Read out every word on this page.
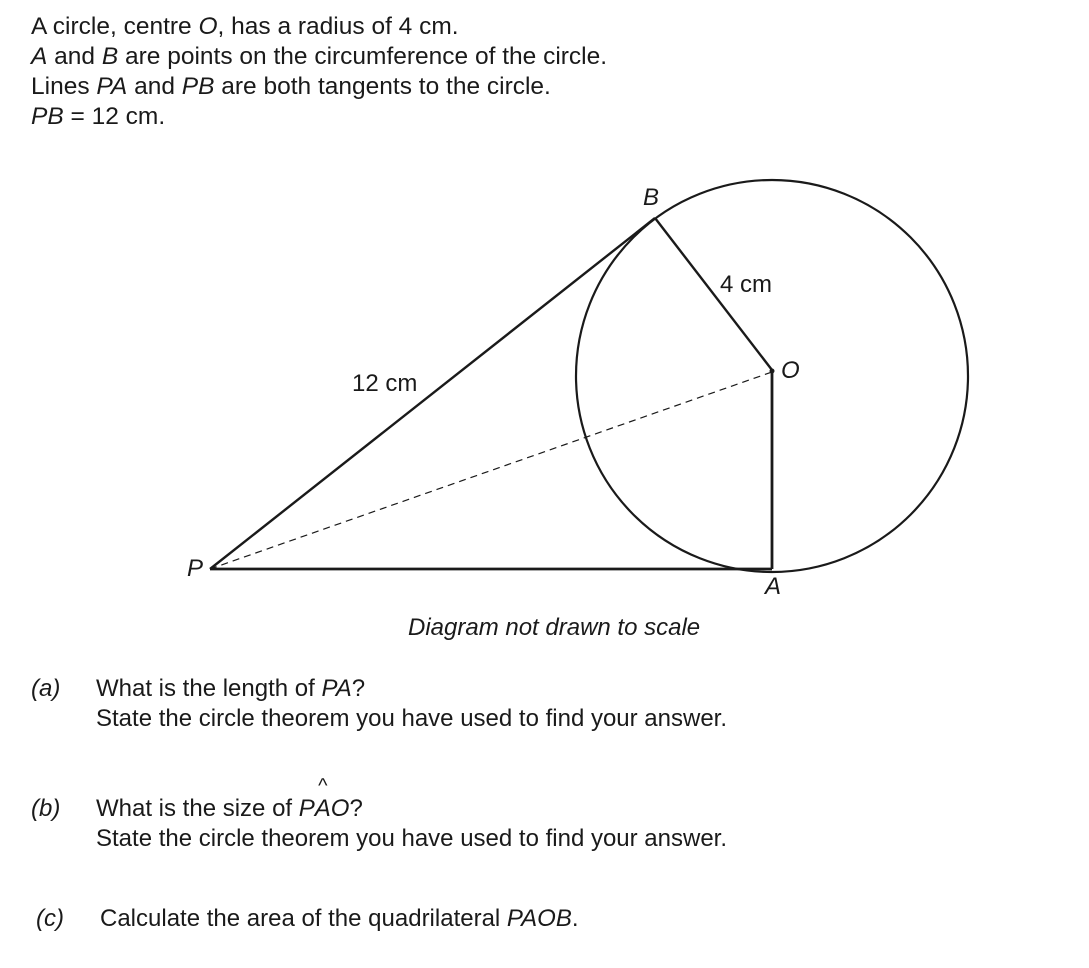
A circle, centre O, has a radius of 4 cm.
A and B are points on the circumference of the circle.
Lines PA and PB are both tangents to the circle.
PB = 12 cm.
B
O
A
P
4 cm
12 cm
Diagram not drawn to scale
(a) What is the length of PA?
State the circle theorem you have used to find your answer.
(b) What is the size of PA
^
O?
State the circle theorem you have used to find your answer.
(c) Calculate the area of the quadrilateral PAOB.
